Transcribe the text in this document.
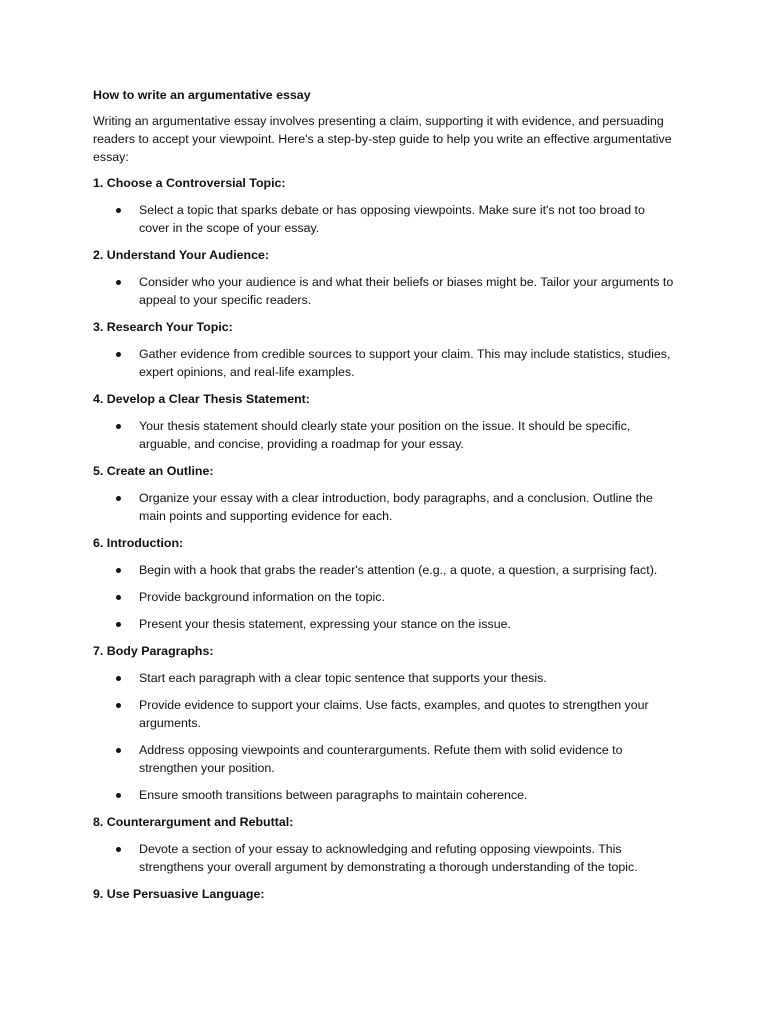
How to write an argumentative essay

Writing an argumentative essay involves presenting a claim, supporting it with evidence, and persuading readers to accept your viewpoint. Here's a step-by-step guide to help you write an effective argumentative essay:

1. Choose a Controversial Topic:

Select a topic that sparks debate or has opposing viewpoints. Make sure it's not too broad to cover in the scope of your essay.

2. Understand Your Audience:

Consider who your audience is and what their beliefs or biases might be. Tailor your arguments to appeal to your specific readers.

3. Research Your Topic:

Gather evidence from credible sources to support your claim. This may include statistics, studies, expert opinions, and real-life examples.

4. Develop a Clear Thesis Statement:

Your thesis statement should clearly state your position on the issue. It should be specific, arguable, and concise, providing a roadmap for your essay.

5. Create an Outline:

Organize your essay with a clear introduction, body paragraphs, and a conclusion. Outline the main points and supporting evidence for each.

6. Introduction:

Begin with a hook that grabs the reader's attention (e.g., a quote, a question, a surprising fact).
Provide background information on the topic.
Present your thesis statement, expressing your stance on the issue.

7. Body Paragraphs:

Start each paragraph with a clear topic sentence that supports your thesis.
Provide evidence to support your claims. Use facts, examples, and quotes to strengthen your arguments.
Address opposing viewpoints and counterarguments. Refute them with solid evidence to strengthen your position.
Ensure smooth transitions between paragraphs to maintain coherence.

8. Counterargument and Rebuttal:

Devote a section of your essay to acknowledging and refuting opposing viewpoints. This strengthens your overall argument by demonstrating a thorough understanding of the topic.

9. Use Persuasive Language:
